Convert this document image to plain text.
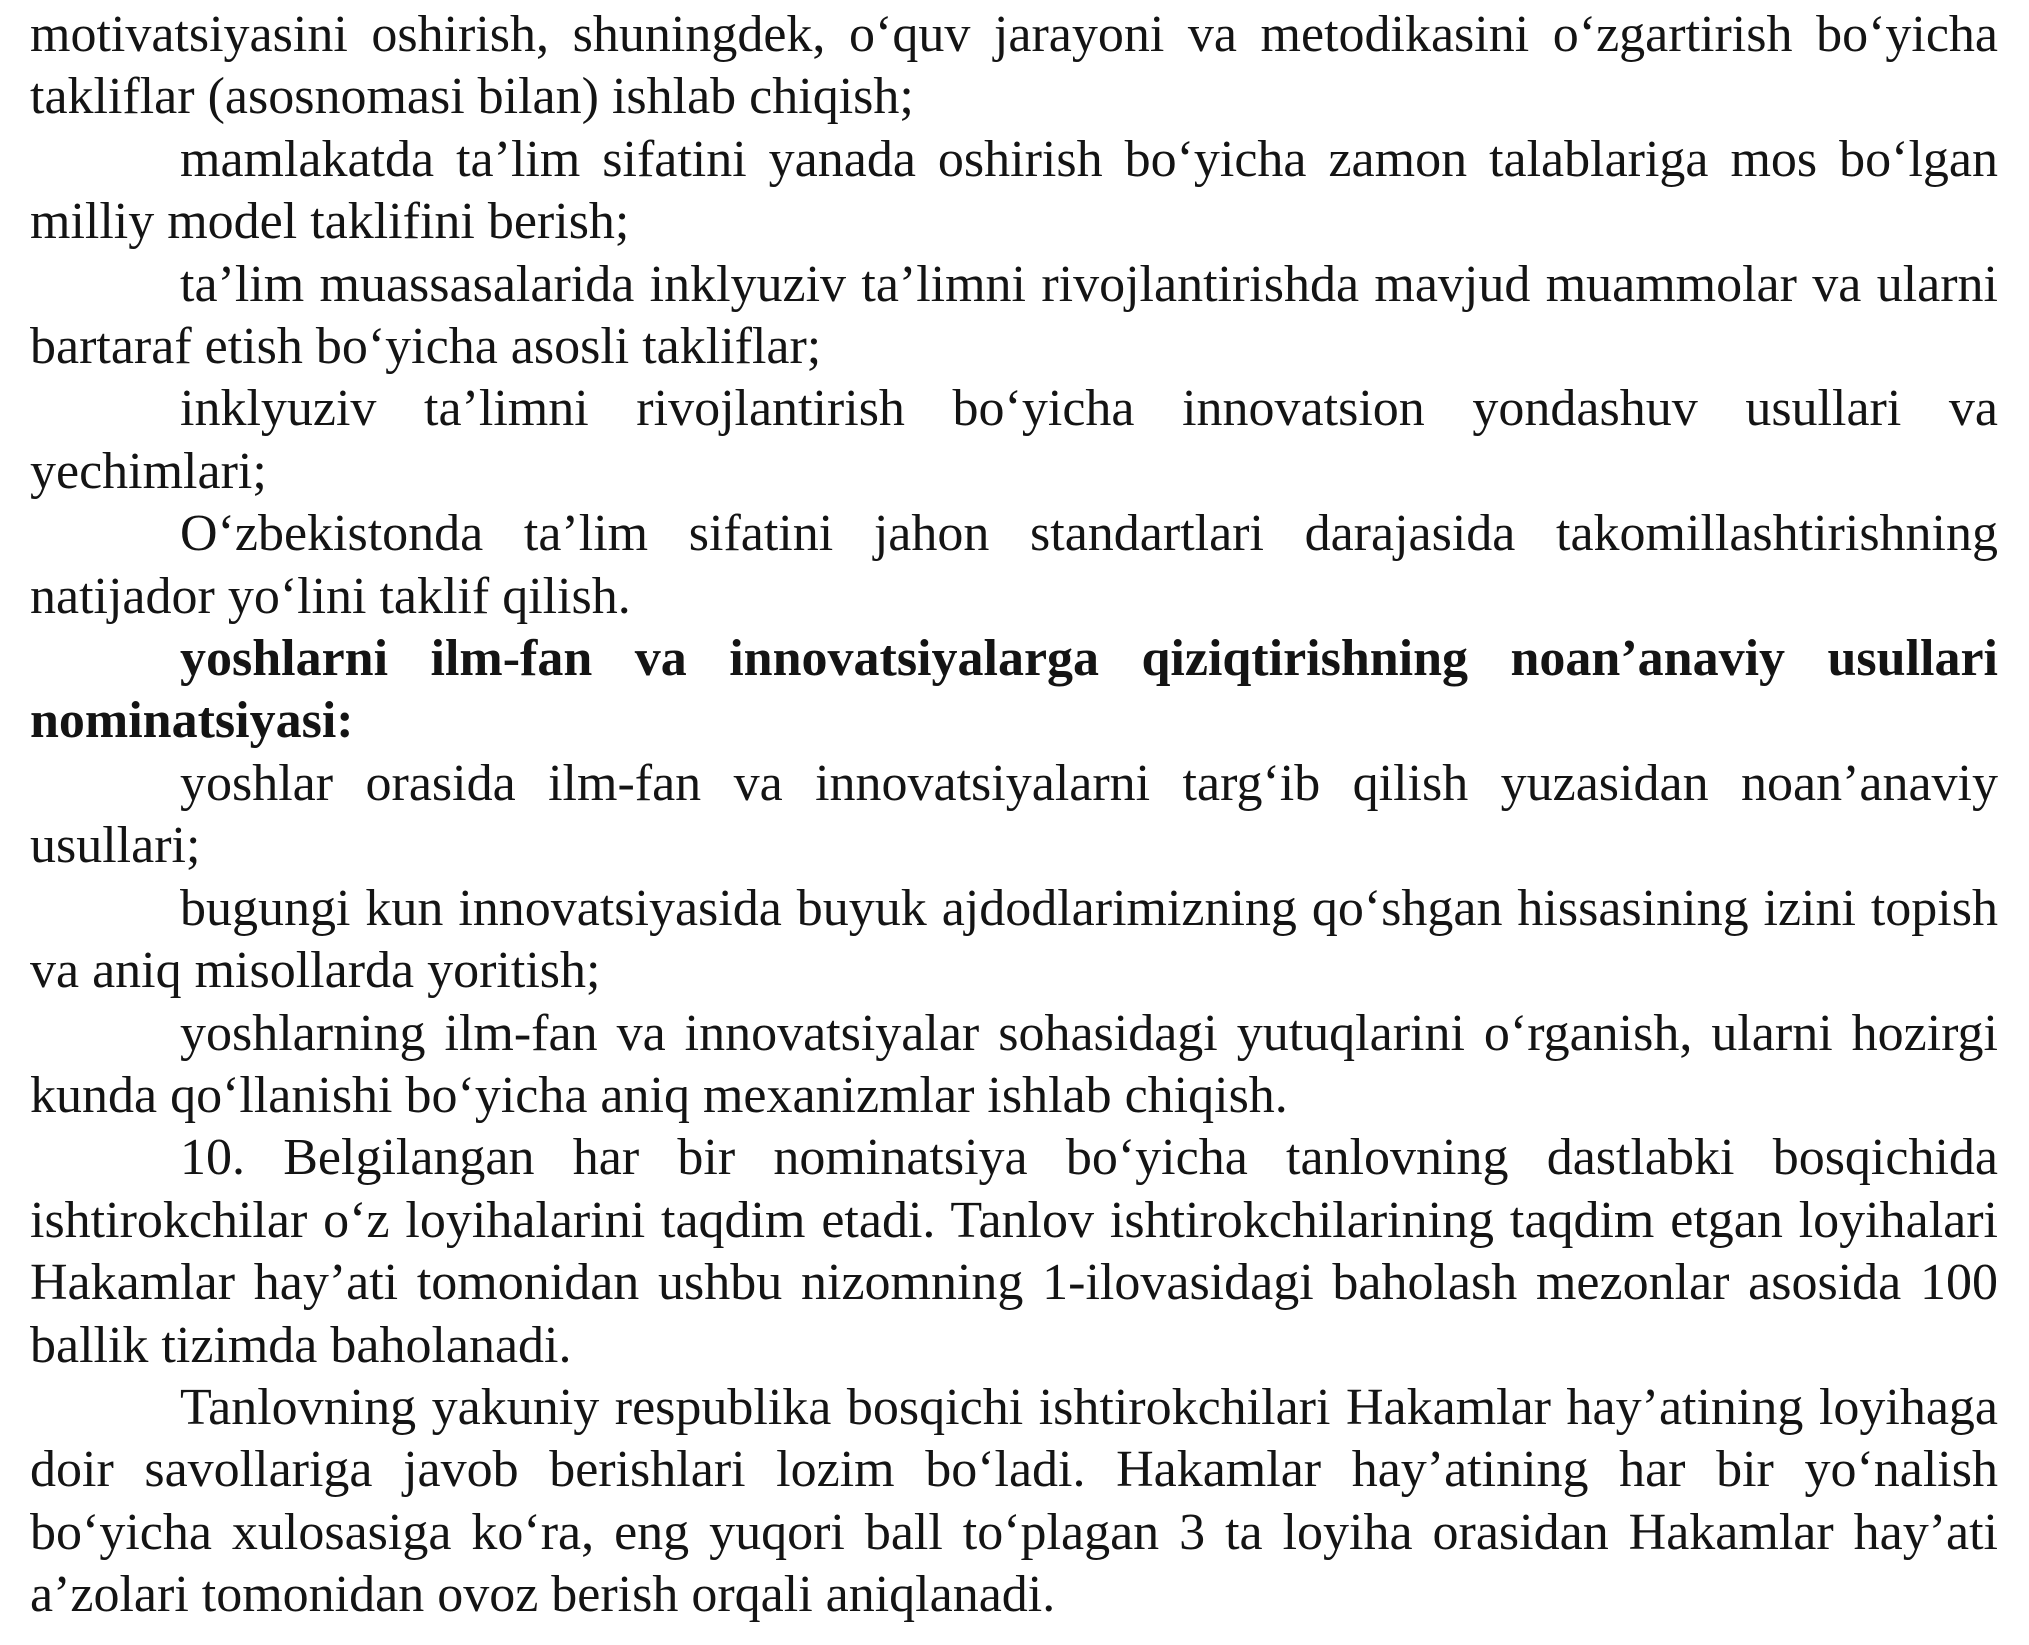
motivatsiyasini oshirish, shuningdek, o‘quv jarayoni va metodikasini o‘zgartirish bo‘yicha takliflar (asosnomasi bilan) ishlab chiqish;

mamlakatda ta’lim sifatini yanada oshirish bo‘yicha zamon talablariga mos bo‘lgan milliy model taklifini berish;

ta’lim muassasalarida inklyuziv ta’limni rivojlantirishda mavjud muammolar va ularni bartaraf etish bo‘yicha asosli takliflar;

inklyuziv ta’limni rivojlantirish bo‘yicha innovatsion yondashuv usullari va yechimlari;

O‘zbekistonda ta’lim sifatini jahon standartlari darajasida takomillashtirishning natijador yo‘lini taklif qilish.

yoshlarni ilm-fan va innovatsiyalarga qiziqtirishning noan’anaviy usullari nominatsiyasi:

yoshlar orasida ilm-fan va innovatsiyalarni targ‘ib qilish yuzasidan noan’anaviy usullari;

bugungi kun innovatsiyasida buyuk ajdodlarimizning qo‘shgan hissasining izini topish va aniq misollarda yoritish;

yoshlarning ilm-fan va innovatsiyalar sohasidagi yutuqlarini o‘rganish, ularni hozirgi kunda qo‘llanishi bo‘yicha aniq mexanizmlar ishlab chiqish.

10. Belgilangan har bir nominatsiya bo‘yicha tanlovning dastlabki bosqichida ishtirokchilar o‘z loyihalarini taqdim etadi. Tanlov ishtirokchilarining taqdim etgan loyihalari Hakamlar hay’ati tomonidan ushbu nizomning 1-ilovasidagi baholash mezonlar asosida 100 ballik tizimda baholanadi.

Tanlovning yakuniy respublika bosqichi ishtirokchilari Hakamlar hay’atining loyihaga doir savollariga javob berishlari lozim bo‘ladi. Hakamlar hay’atining har bir yo‘nalish bo‘yicha xulosasiga ko‘ra, eng yuqori ball to‘plagan 3 ta loyiha orasidan Hakamlar hay’ati a’zolari tomonidan ovoz berish orqali aniqlanadi.
